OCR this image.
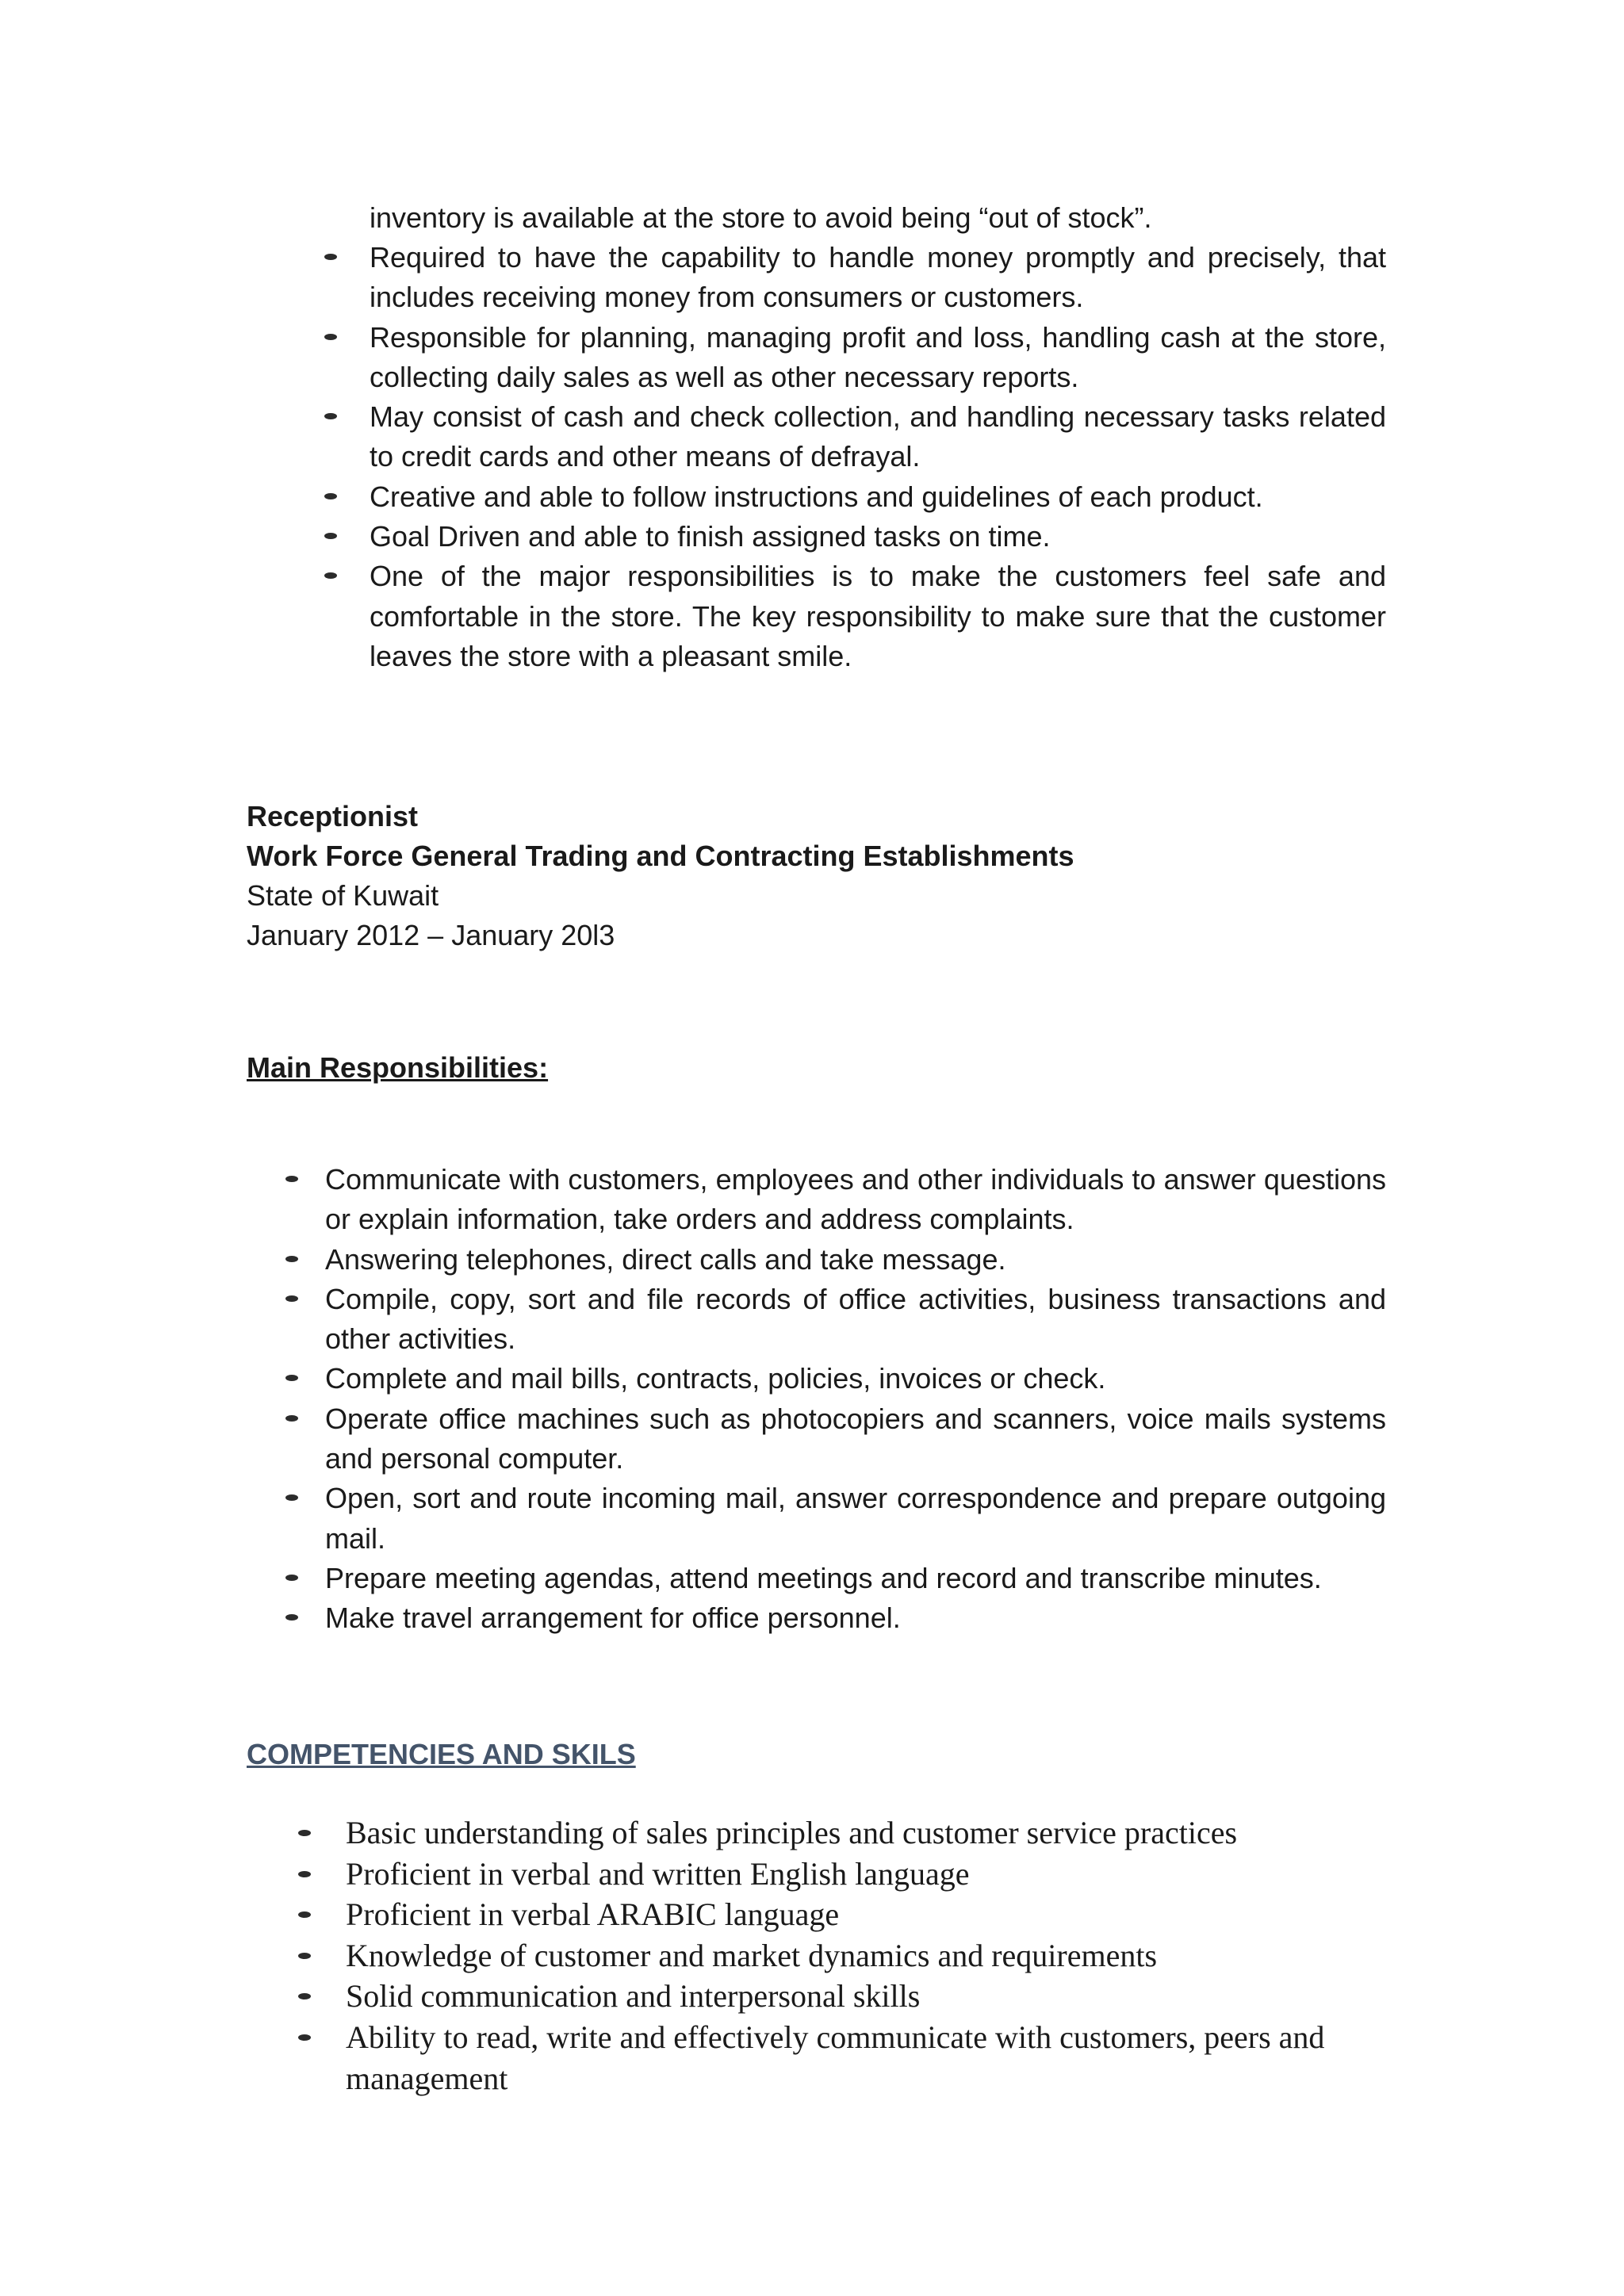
inventory is available at the store to avoid being “out of stock”.
Required to have the capability to handle money promptly and precisely, that includes receiving money from consumers or customers.
Responsible for planning, managing profit and loss, handling cash at the store, collecting daily sales as well as other necessary reports.
May consist of cash and check collection, and handling necessary tasks related to credit cards and other means of defrayal.
Creative and able to follow instructions and guidelines of each product.
Goal Driven and able to finish assigned tasks on time.
One of the major responsibilities is to make the customers feel safe and comfortable in the store. The key responsibility to make sure that the customer leaves the store with a pleasant smile.
Receptionist
Work Force General Trading and Contracting Establishments
State of Kuwait
January 2012 – January 20l3
Main Responsibilities:
Communicate with customers, employees and other individuals to answer questions or explain information, take orders and address complaints.
Answering telephones, direct calls and take message.
Compile, copy, sort and file records of office activities, business transactions and other activities.
Complete and mail bills, contracts, policies, invoices or check.
Operate office machines such as photocopiers and scanners, voice mails systems and personal computer.
Open, sort and route incoming mail, answer correspondence and prepare outgoing mail.
Prepare meeting agendas, attend meetings and record and transcribe minutes.
Make travel arrangement for office personnel.
COMPETENCIES AND SKILS
Basic understanding of sales principles and customer service practices
Proficient in verbal and written English language
Proficient in verbal ARABIC language
Knowledge of customer and market dynamics and requirements
Solid communication and interpersonal skills
Ability to read, write and effectively communicate with customers, peers and management
